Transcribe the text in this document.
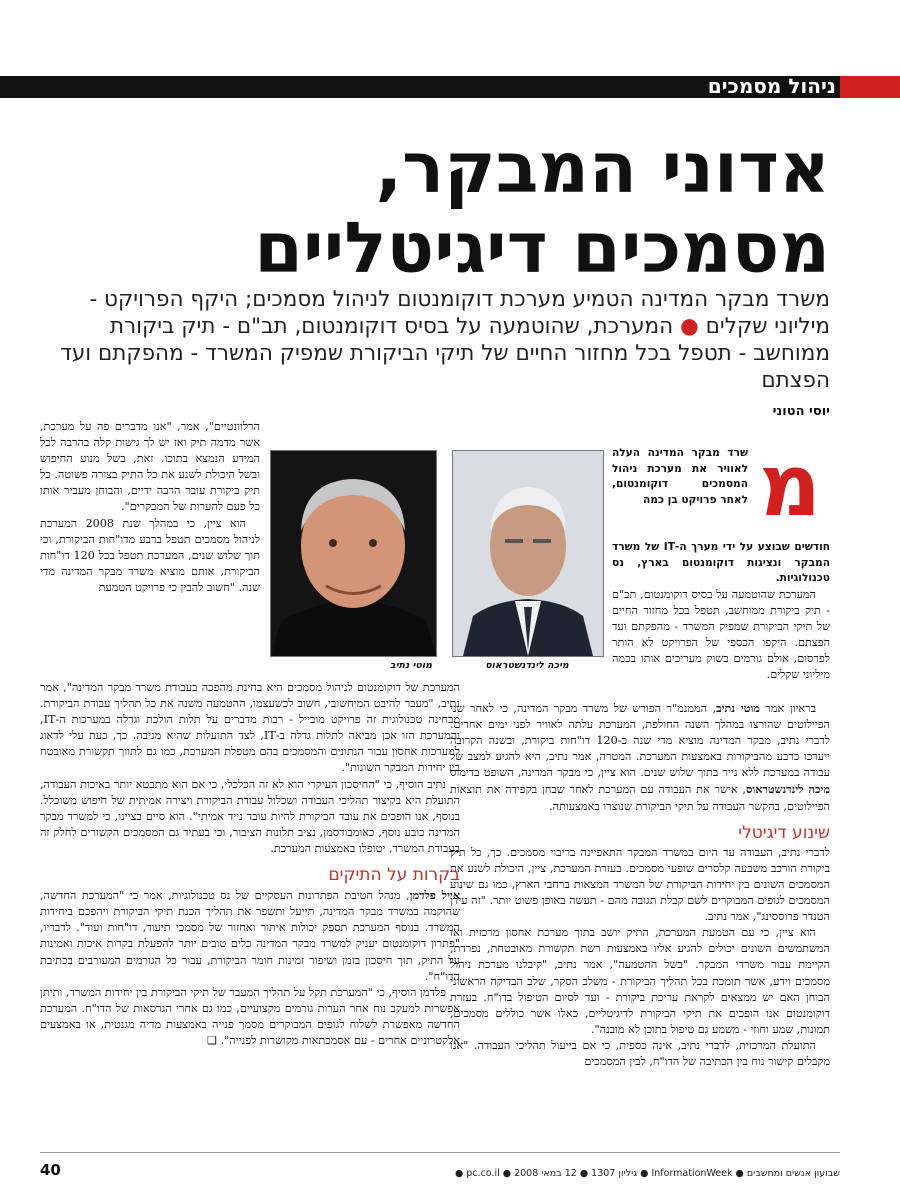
ניהול מסמכים
אדוני המבקר,
מסמכים דיגיטליים
משרד מבקר המדינה הטמיע מערכת דוקומנטום לניהול מסמכים; היקף הפרויקט - מיליוני שקלים ● המערכת, שהוטמעה על בסיס דוקומנטום, תב"ם - תיק ביקורת ממוחשב - תטפל בכל מחזור החיים של תיקי הביקורת שמפיק המשרד - מהפקתם ועד הפצתם
יוסי הטוני
מ
שרד מבקר המדינה העלה לאוויר את מערכת ניהול המסמכים דוקומנטום, לאחר פרויקט בן כמה
חודשים שבוצע על ידי מערך ה-IT של משרד המבקר ונציגות דוקומנטום בארץ, נס טכנולוגיות.
המערכת שהוטמעה על בסיס דוקומנטום, תב"ם - תיק ביקורת ממוחשב, תטפל בכל מחזור החיים של תיקי הביקורת שמפיק המשרד - מהפקתם ועד הפצתם. היקפו הכספי של הפרויקט לא הותר לפרסום, אולם גורמים בשוק מעריכים אותו בכמה מיליוני שקלים.
מיכה לינדנשטראוס
הרלוונטיים", אמר, "אנו מדברים פה על מערכת, אשר מדמה תיק ואז יש לך גישות קלה בהרבה לכל המידע הנמצא בתוכו. זאת, בשל מנוע החיפוש ובשל היכולת לשנע את כל התיק בצורה פשוטה. כל תיק ביקורת עובר הרבה ידיים, והבוחן מעביר אותו כל פעם להערות של המבקרים".
הוא ציין, כי במהלך שנת 2008 המערכת לניהול מסמכים תטפל ברבע מדו"חות הביקורת, וכי תוך שלוש שנים, המערכת תטפל בכל 120 דו"חות הביקורת, אותם מוציא משרד מבקר המדינה מדי שנה. "חשוב להבין כי פרויקט הטמעת
מוטי נתיב
המערכת של דוקומנטום לניהול מסמכים היא בחינת מהפכה בעבודת משרד מבקר המדינה", אמר נתיב, "מעבר להיבט המיחשובי, חשוב לכשעצמו, ההטמעה משנה את כל תהליך עבודת הביקורת. מבחינה טכנולוגית זה פרויקט מובייל - רבות מדברים על תלות הולכת וגדלה במערכות ה-IT, והמערכת הזו אכן מביאה לתלות גדלה ב-IT, לצד התועלות שהיא מניבה. כך, כעת עלי לדאוג למערכות אחסון עבור הנתונים והמסמכים בהם מטפלת המערכת, כמו גם לתווך תקשורת מאובטח בין יחידות המבקר השונות".
נתיב הוסיף, כי "החיסכון העיקרי הוא לא זה הכלכלי, כי אם הוא מתבטא יותר באיכות העבודה, התועלת היא בקיצור תהליכי העבודה ושכלול עבודת הביקורת ויצירה אמיתית של חיפוש משוכלל. בנוסף, אנו הופכים את עובד הביקורת להיות עובד נייד אמיתי". הוא סיים בציינו, כי למשרד מבקר המדינה כובע נוסף, כאומבודסמן, נציב תלונות הציבור, וכי בעתיד גם המסמכים הקשורים לחלק זה בעבודת המשרד, יטופלו באמצעות המערכת.
בקרות על התיקים
אייל פלדמן, מנהל חטיבת הפתרונות העסקיים של נס טכנולוגיות, אמר כי "המערכת החדשה, שהוקמה במשרד מבקר המדינה, תייעל ותשפר את תהליך הכנת תיקי הביקורת ויהפכם ביחידות המשרד. בנוסף המערכת תספק יכולות איתור ואחזור של מסמכי תיעוד, דו"חות ועוד". לדבריו, "פתרון דוקומנטום יעניק למשרד מבקר המדינה כלים טובים יותר להפעלת בקרות איכות ואמינות על התיק, תוך חיסכון בזמן ושיפור זמינות חומר הביקורת, עבור כל הגורמים המעורבים בכתיבת הדו"ח".
פלדמן הוסיף, כי "המערכת תקל על תהליך המעבר של תיקי הביקורת בין יחידות המשרד, ותיתן אפשרות למעקב נוח אחר הערות גורמים מקצועיים, כמו גם אחרי הגרסאות של הדו"ח. המערכת החדשה מאפשרת לשלוח לגופים המבוקרים מסמך פנייה באמצעות מדיה מגנטית, או באמצעים אלקטרוניים אחרים - עם אסמכתאות מקושרות לפנייה". ❑
בראיון אמר מוטי נתיב, הממנמ"ר הפורש של משרד מבקר המדינה, כי לאחר שני הפיילוטים שהורצו במהלך השנה החולפת, המערכת עלתה לאוויר לפני ימים אחדים. לדברי נתיב, מבקר המדינה מוציא מדי שנה כ-120 דו"חות ביקורת, ובשנה הקרובה ייערכו כרבע מהביקורות באמצעות המערכת. המטרה, אמר נתיב, היא להגיע למצב של עבודה במערכת ללא נייר בתוך שלוש שנים. הוא ציין, כי מבקר המדינה, השופט בדימוס מיכה לינדנשטראוס, אישר את העבודה עם המערכת לאחר שבחן בקפידה את תוצאות הפיילוטים, בהקשר העבודה על תיקי הביקורת שנוצרו באמצעותה.
שינוע דיגיטלי
לדברי נתיב, העבודה עד היום במשרד המבקר התאפיינה בריבוי מסמכים. כך, כל תיק ביקורת הורכב משבעה קלסרים שופעי מסמכים. בעזרת המערכת, ציין, היכולת לשנע את המסמכים השונים בין יחידות הביקורת של המשרד המצאות ברחבי הארץ, כמו גם שינוע המסמכים לגופים המבוקרים לשם קבלת תגובה מהם - תעשה באופן פשוט יותר. "זה עידן הטנדר פרוססינג", אמר נתיב.
הוא ציין, כי עם הטמעת המערכת, התיק יושב בתוך מערכת אחסון מרכזית ואז המשתמשים השונים יכולים להגיע אליו באמצעות רשת תקשורת מאובטחת, נפרדת, הקיימת עבור משרדי המבקר. "בשל ההטמעה", אמר נתיב, "קיבלנו מערכת ניהול מסמכים וידע, אשר תומכת בכל תהליך הביקורת - משלב הסקר, שלב הבדיקה הראשוני הבוחן האם יש ממצאים לקראת עריכת ביקורת - ועד לסיום הטיפול בדו"ח. בעזרת דוקומנטום אנו הופכים את תיקי הביקורת לדיגיטליים, כאלו אשר כוללים מסמכים, תמונות, שמע וחוזי - משמע גם טיפול בתוכן לא מובנה".
התועלת המרכזית, לדברי נתיב, אינה כספית, כי אם בייעול תהליכי העבודה. "אנו מקבלים קישור נוח בין הכתיבה של הדו"ח, לבין המסמכים
שבועון אנשים ומחשבים ● InformationWeek ● גיליון 1307 ● 12 במאי 2008 ● pc.co.il ●
40
